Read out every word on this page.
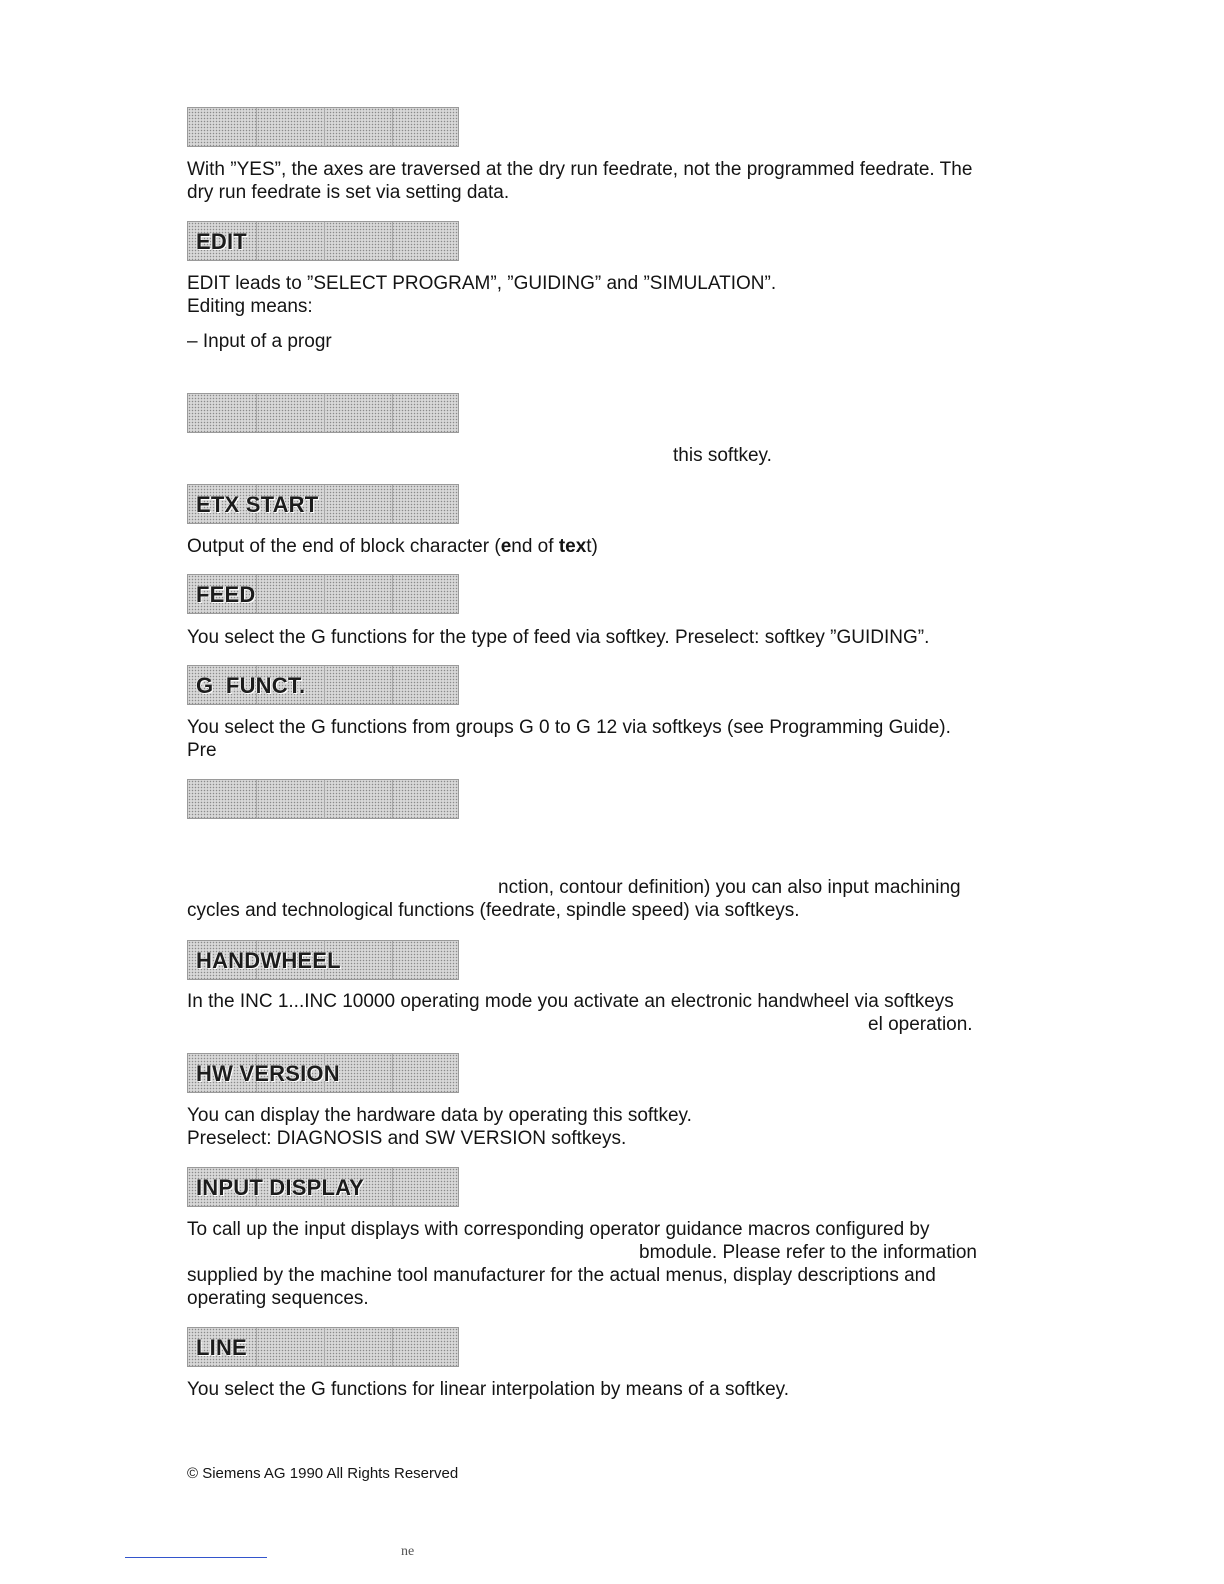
With ”YES”, the axes are traversed at the dry run feedrate, not the programmed feedrate. The
dry run feedrate is set via setting data.
EDIT
EDIT leads to ”SELECT PROGRAM”, ”GUIDING” and ”SIMULATION”.
Editing means:
– Input of a progr
this softkey.
ETX START
Output of the end of block character (end of text)
FEED
You select the G functions for the type of feed via softkey. Preselect: softkey ”GUIDING”.
G  FUNCT.
You select the G functions from groups G 0 to G 12 via softkeys (see Programming Guide).
Pre
nction, contour definition) you can also input machining
cycles and technological functions (feedrate, spindle speed) via softkeys.
HANDWHEEL
In the INC 1...INC 10000 operating mode you activate an electronic handwheel via softkeys
el operation.
HW VERSION
You can display the hardware data by operating this softkey.
Preselect: DIAGNOSIS and SW VERSION softkeys.
INPUT DISPLAY
To call up the input displays with corresponding operator guidance macros configured by
bmodule. Please refer to the information
supplied by the machine tool manufacturer for the actual menus, display descriptions and
operating sequences.
LINE
You select the G functions for linear interpolation by means of a softkey.
© Siemens AG 1990 All Rights Reserved
ne
